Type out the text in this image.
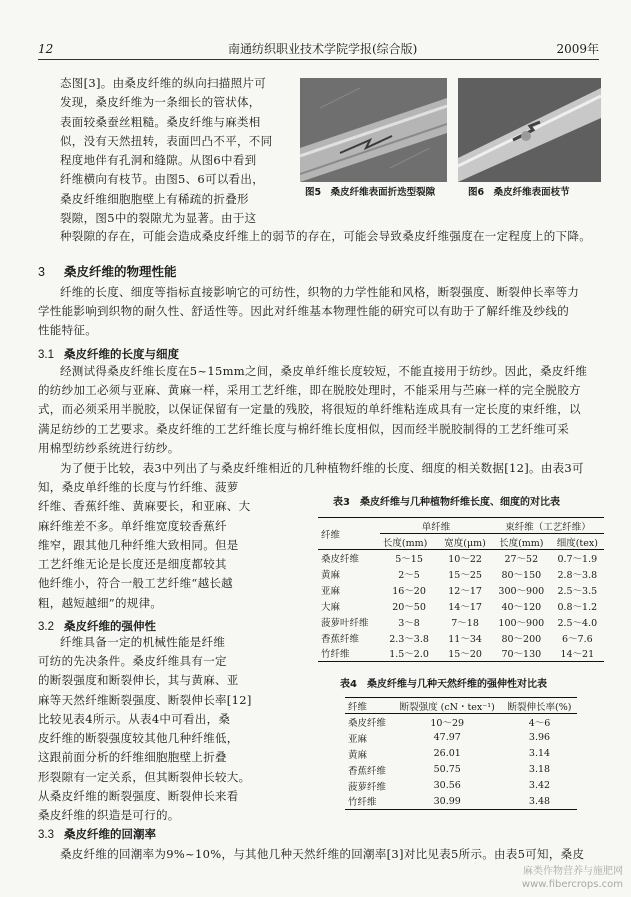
12	南通纺织职业技术学院学报(综合版)	2009年
态图[3]。由桑皮纤维的纵向扫描照片可
发现，桑皮纤维为一条细长的管状体，
表面较桑蚕丝粗糙。桑皮纤维与麻类相
似，没有天然扭转，表面凹凸不平，不同
程度地伴有孔洞和缝隙。从图6中看到
纤维横向有枝节。由图5、6可以看出，
桑皮纤维细胞胞壁上有稀疏的折叠形
裂隙，图5中的裂隙尤为显著。由于这
种裂隙的存在，可能会造成桑皮纤维上的弱节的存在，可能会导致桑皮纤维强度在一定程度上的下降。
图5　桑皮纤维表面折迭型裂隙	图6　桑皮纤维表面枝节
3 桑皮纤维的物理性能
纤维的长度、细度等指标直接影响它的可纺性，织物的力学性能和风格，断裂强度、断裂伸长率等力
学性能影响到织物的耐久性、舒适性等。因此对纤维基本物理性能的研究可以有助于了解纤维及纱线的
性能特征。
3.1 桑皮纤维的长度与细度
经测试得桑皮纤维长度在5~15mm之间，桑皮单纤维长度较短，不能直接用于纺纱。因此，桑皮纤维
的纺纱加工必须与亚麻、黄麻一样，采用工艺纤维，即在脱胶处理时，不能采用与苎麻一样的完全脱胶方
式，而必须采用半脱胶，以保证保留有一定量的残胶，将很短的单纤维粘连成具有一定长度的束纤维，以
满足纺纱的工艺要求。桑皮纤维的工艺纤维长度与棉纤维长度相似，因而经半脱胶制得的工艺纤维可采
用棉型纺纱系统进行纺纱。
为了便于比较，表3中列出了与桑皮纤维相近的几种植物纤维的长度、细度的相关数据[12]。由表3可
知，桑皮单纤维的长度与竹纤维、菠萝
纤维、香蕉纤维、黄麻要长，和亚麻、大
麻纤维差不多。单纤维宽度较香蕉纤
维窄，跟其他几种纤维大致相同。但是
工艺纤维无论是长度还是细度都较其
他纤维小，符合一般工艺纤维“越长越
粗，越短越细”的规律。
3.2 桑皮纤维的强伸性
纤维具备一定的机械性能是纤维
可纺的先决条件。桑皮纤维具有一定
的断裂强度和断裂伸长，其与黄麻、亚
麻等天然纤维断裂强度、断裂伸长率[12]
比较见表4所示。从表4中可看出，桑
皮纤维的断裂强度较其他几种纤维低，
这跟前面分析的纤维细胞胞壁上折叠
形裂隙有一定关系，但其断裂伸长较大。
从桑皮纤维的断裂强度、断裂伸长来看
桑皮纤维的织造是可行的。
3.3 桑皮纤维的回潮率
桑皮纤维的回潮率为9%~10%，与其他几种天然纤维的回潮率[3]对比见表5所示。由表5可知，桑皮
表3　桑皮纤维与几种植物纤维长度、细度的对比表
纤维	单纤维		束纤维（工艺纤维）	
	长度(mm)	宽度(μm)	长度(mm)	细度(tex)
桑皮纤维	5～15	10～22	27～52	0.7～1.9
黄麻	2～5	15～25	80～150	2.8～3.8
亚麻	16～20	12～17	300～900	2.5～3.5
大麻	20～50	14～17	40～120	0.8～1.2
菠萝叶纤维	3～8	7～18	100～900	2.5～4.0
香蕉纤维	2.3～3.8	11～34	80～200	6～7.6
竹纤维	1.5～2.0	15～20	70～130	14～21
表4　桑皮纤维与几种天然纤维的强伸性对比表
纤维	断裂强度 (cN・tex⁻¹)	断裂伸长率(%)
桑皮纤维	10～29	4～6
亚麻	47.97	3.96
黄麻	26.01	3.14
香蕉纤维	50.75	3.18
菠萝纤维	30.56	3.42
竹纤维	30.99	3.48
麻类作物营养与施肥网
www.fibercrops.com
